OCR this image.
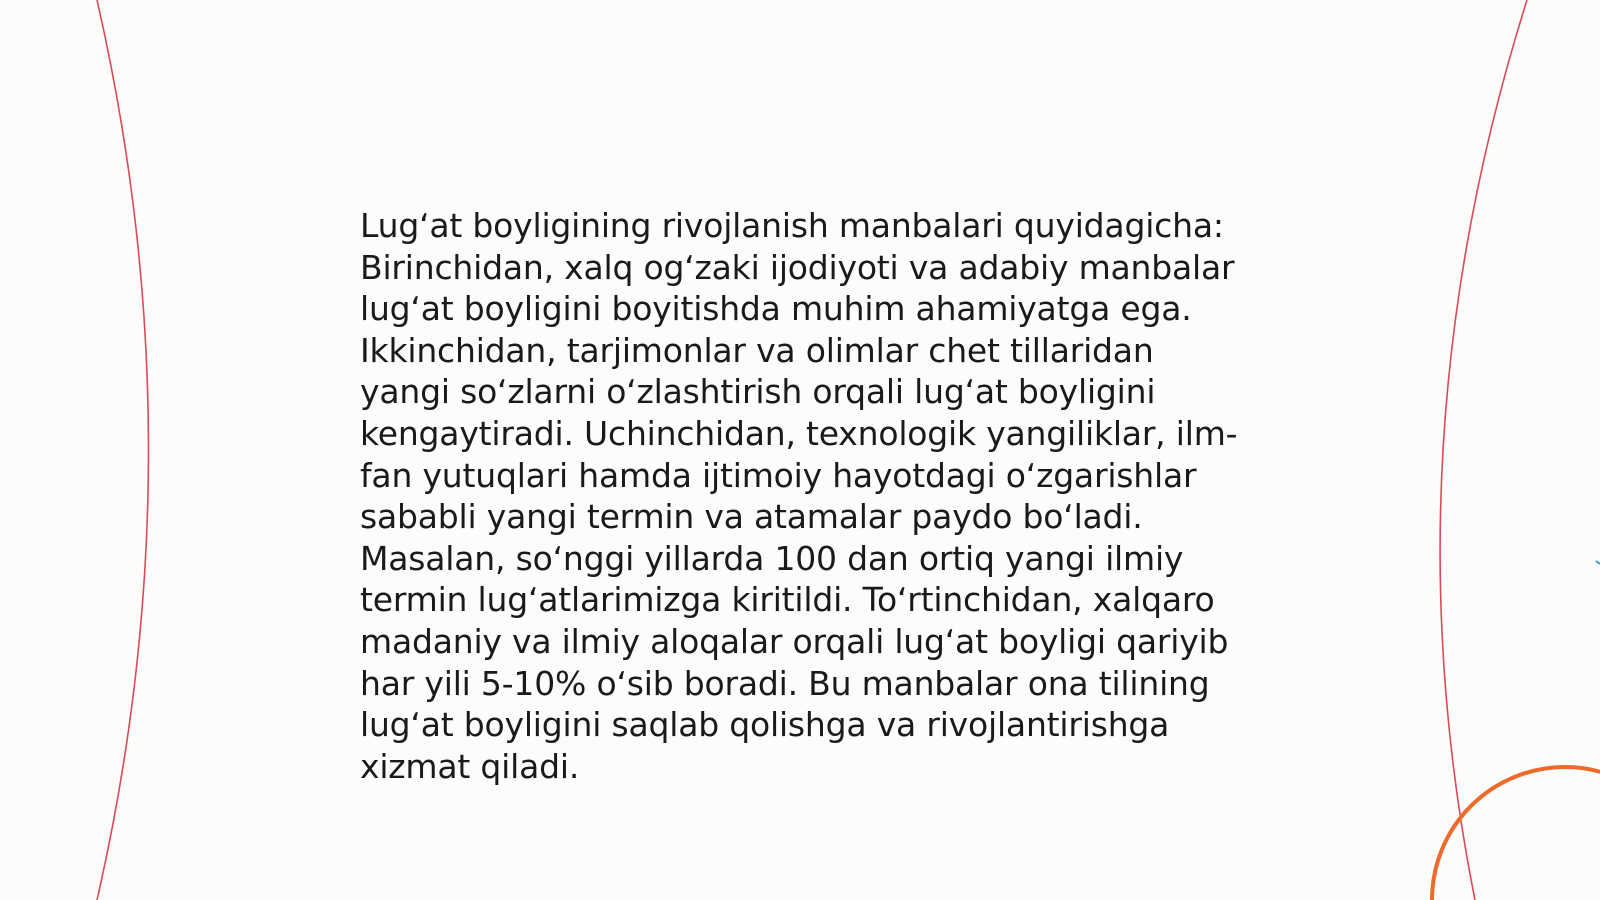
Lug‘at boyligining rivojlanish manbalari quyidagicha:
Birinchidan, xalq og‘zaki ijodiyoti va adabiy manbalar
lug‘at boyligini boyitishda muhim ahamiyatga ega.
Ikkinchidan, tarjimonlar va olimlar chet tillaridan
yangi so‘zlarni o‘zlashtirish orqali lug‘at boyligini
kengaytiradi. Uchinchidan, texnologik yangiliklar, ilm-
fan yutuqlari hamda ijtimoiy hayotdagi o‘zgarishlar
sababli yangi termin va atamalar paydo bo‘ladi.
Masalan, so‘nggi yillarda 100 dan ortiq yangi ilmiy
termin lug‘atlarimizga kiritildi. To‘rtinchidan, xalqaro
madaniy va ilmiy aloqalar orqali lug‘at boyligi qariyib
har yili 5-10% o‘sib boradi. Bu manbalar ona tilining
lug‘at boyligini saqlab qolishga va rivojlantirishga
xizmat qiladi.
